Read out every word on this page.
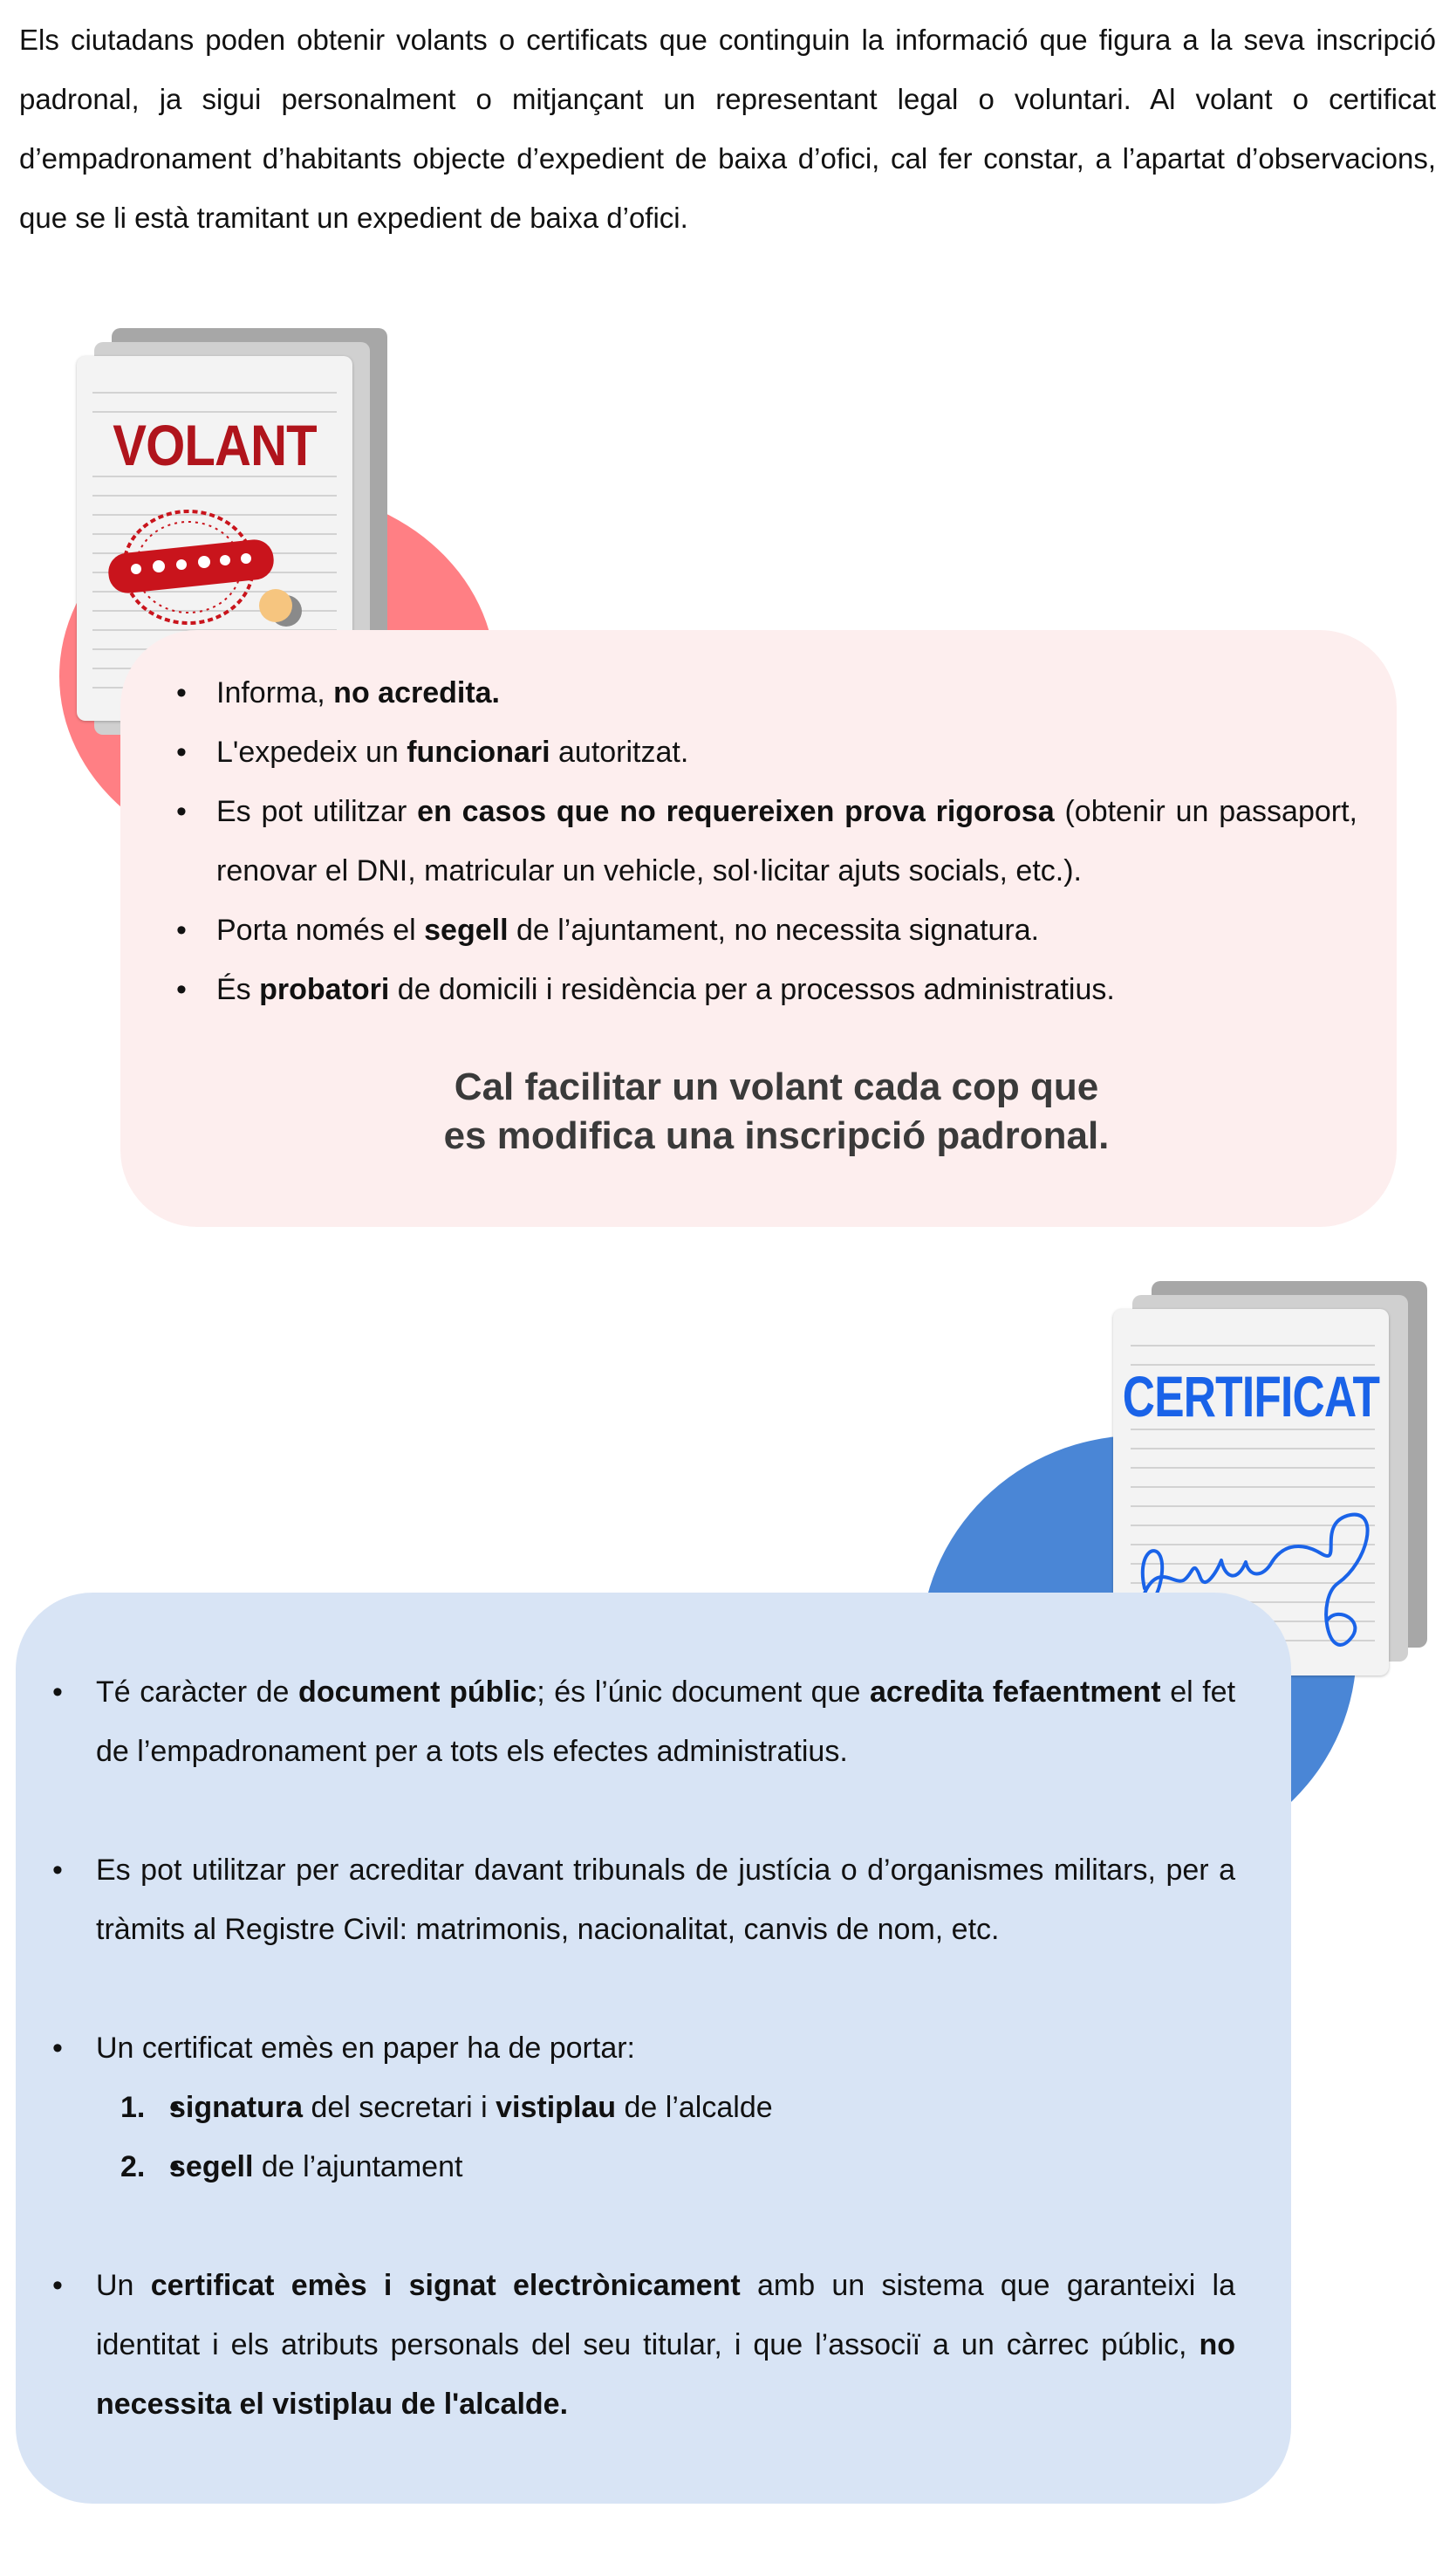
Els ciutadans poden obtenir volants o certificats que continguin la informació que figura a la seva inscripció padronal, ja sigui personalment o mitjançant un representant legal o voluntari. Al volant o certificat d’empadronament d’habitants objecte d’expedient de baixa d’ofici, cal fer constar, a l’apartat d’observacions, que se li està tramitant un expedient de baixa d’ofici.

VOLANT
• Informa, no acredita.
• L'expedeix un funcionari autoritzat.
• Es pot utilitzar en casos que no requereixen prova rigorosa (obtenir un passaport, renovar el DNI, matricular un vehicle, sol·licitar ajuts socials, etc.).
• Porta només el segell de l’ajuntament, no necessita signatura.
• És probatori de domicili i residència per a processos administratius.
Cal facilitar un volant cada cop que
es modifica una inscripció padronal.
CERTIFICAT
• Té caràcter de document públic; és l’únic document que acredita fefaentment el fet de l’empadronament per a tots els efectes administratius.
• Es pot utilitzar per acreditar davant tribunals de justícia o d’organismes militars, per a tràmits al Registre Civil: matrimonis, nacionalitat, canvis de nom, etc.
• Un certificat emès en paper ha de portar:
• 1. signatura del secretari i vistiplau de l’alcalde
• 2. segell de l’ajuntament
• Un certificat emès i signat electrònicament amb un sistema que garanteixi la identitat i els atributs personals del seu titular, i que l’associï a un càrrec públic, no necessita el vistiplau de l'alcalde.
